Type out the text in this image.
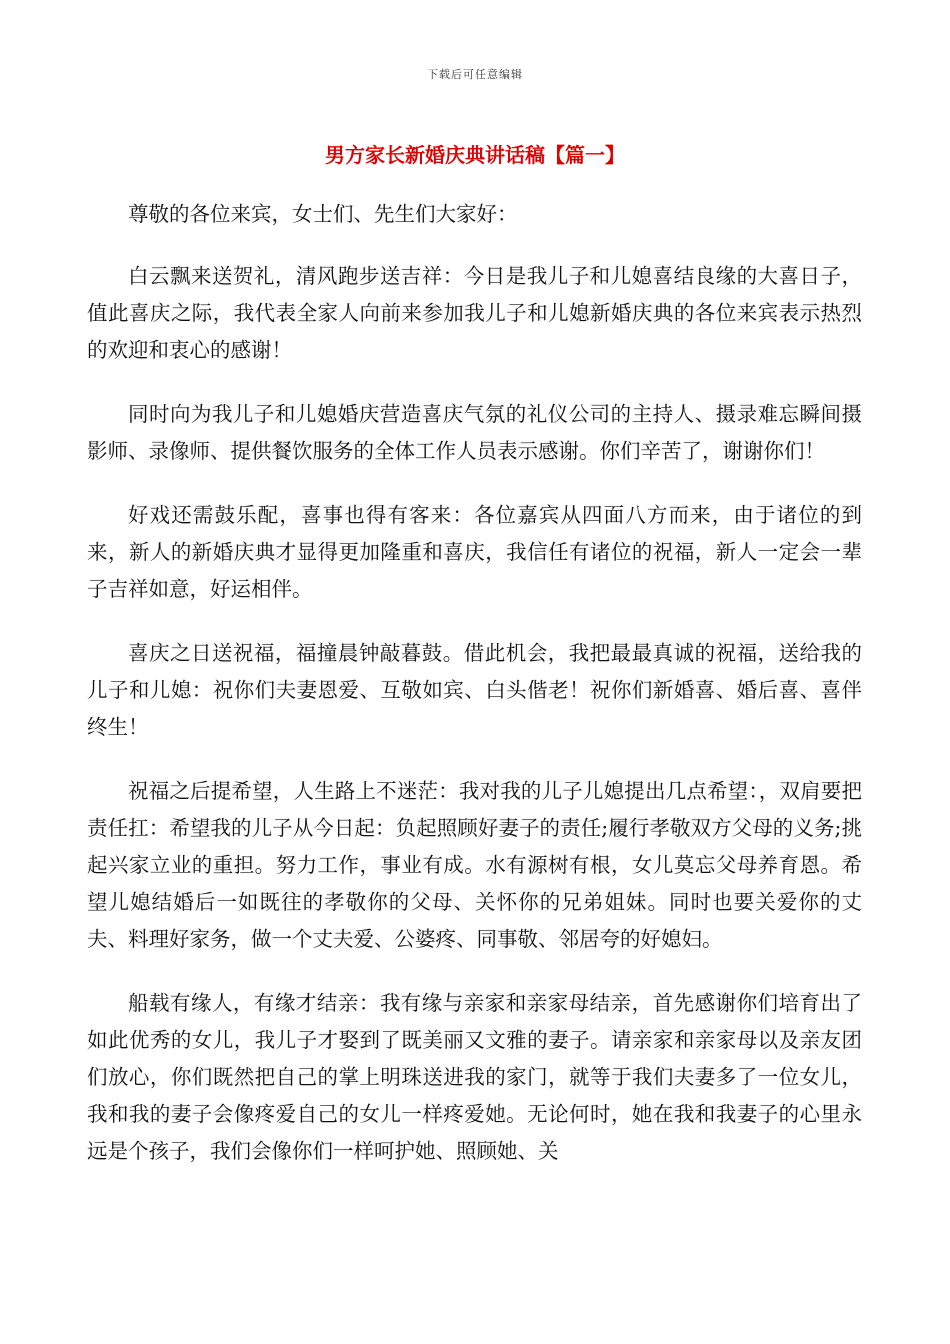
下载后可任意编辑
男方家长新婚庆典讲话稿【篇一】

尊敬的各位来宾，女士们、先生们大家好：

白云飘来送贺礼，清风跑步送吉祥：今日是我儿子和儿媳喜结良缘的大喜日子，值此喜庆之际，我代表全家人向前来参加我儿子和儿媳新婚庆典的各位来宾表示热烈的欢迎和衷心的感谢！

同时向为我儿子和儿媳婚庆营造喜庆气氛的礼仪公司的主持人、摄录难忘瞬间摄影师、录像师、提供餐饮服务的全体工作人员表示感谢。你们辛苦了，谢谢你们！

好戏还需鼓乐配，喜事也得有客来：各位嘉宾从四面八方而来，由于诸位的到来，新人的新婚庆典才显得更加隆重和喜庆，我信任有诸位的祝福，新人一定会一辈子吉祥如意，好运相伴。

喜庆之日送祝福，福撞晨钟敲暮鼓。借此机会，我把最最真诚的祝福，送给我的儿子和儿媳：祝你们夫妻恩爱、互敬如宾、白头偕老！祝你们新婚喜、婚后喜、喜伴终生！

祝福之后提希望，人生路上不迷茫：我对我的儿子儿媳提出几点希望：，双肩要把责任扛：希望我的儿子从今日起：负起照顾好妻子的责任;履行孝敬双方父母的义务;挑起兴家立业的重担。努力工作，事业有成。水有源树有根，女儿莫忘父母养育恩。希望儿媳结婚后一如既往的孝敬你的父母、关怀你的兄弟姐妹。同时也要关爱你的丈夫、料理好家务，做一个丈夫爱、公婆疼、同事敬、邻居夸的好媳妇。

船载有缘人，有缘才结亲：我有缘与亲家和亲家母结亲，首先感谢你们培育出了如此优秀的女儿，我儿子才娶到了既美丽又文雅的妻子。请亲家和亲家母以及亲友团们放心，你们既然把自己的掌上明珠送进我的家门，就等于我们夫妻多了一位女儿，我和我的妻子会像疼爱自己的女儿一样疼爱她。无论何时，她在我和我妻子的心里永远是个孩子，我们会像你们一样呵护她、照顾她、关
